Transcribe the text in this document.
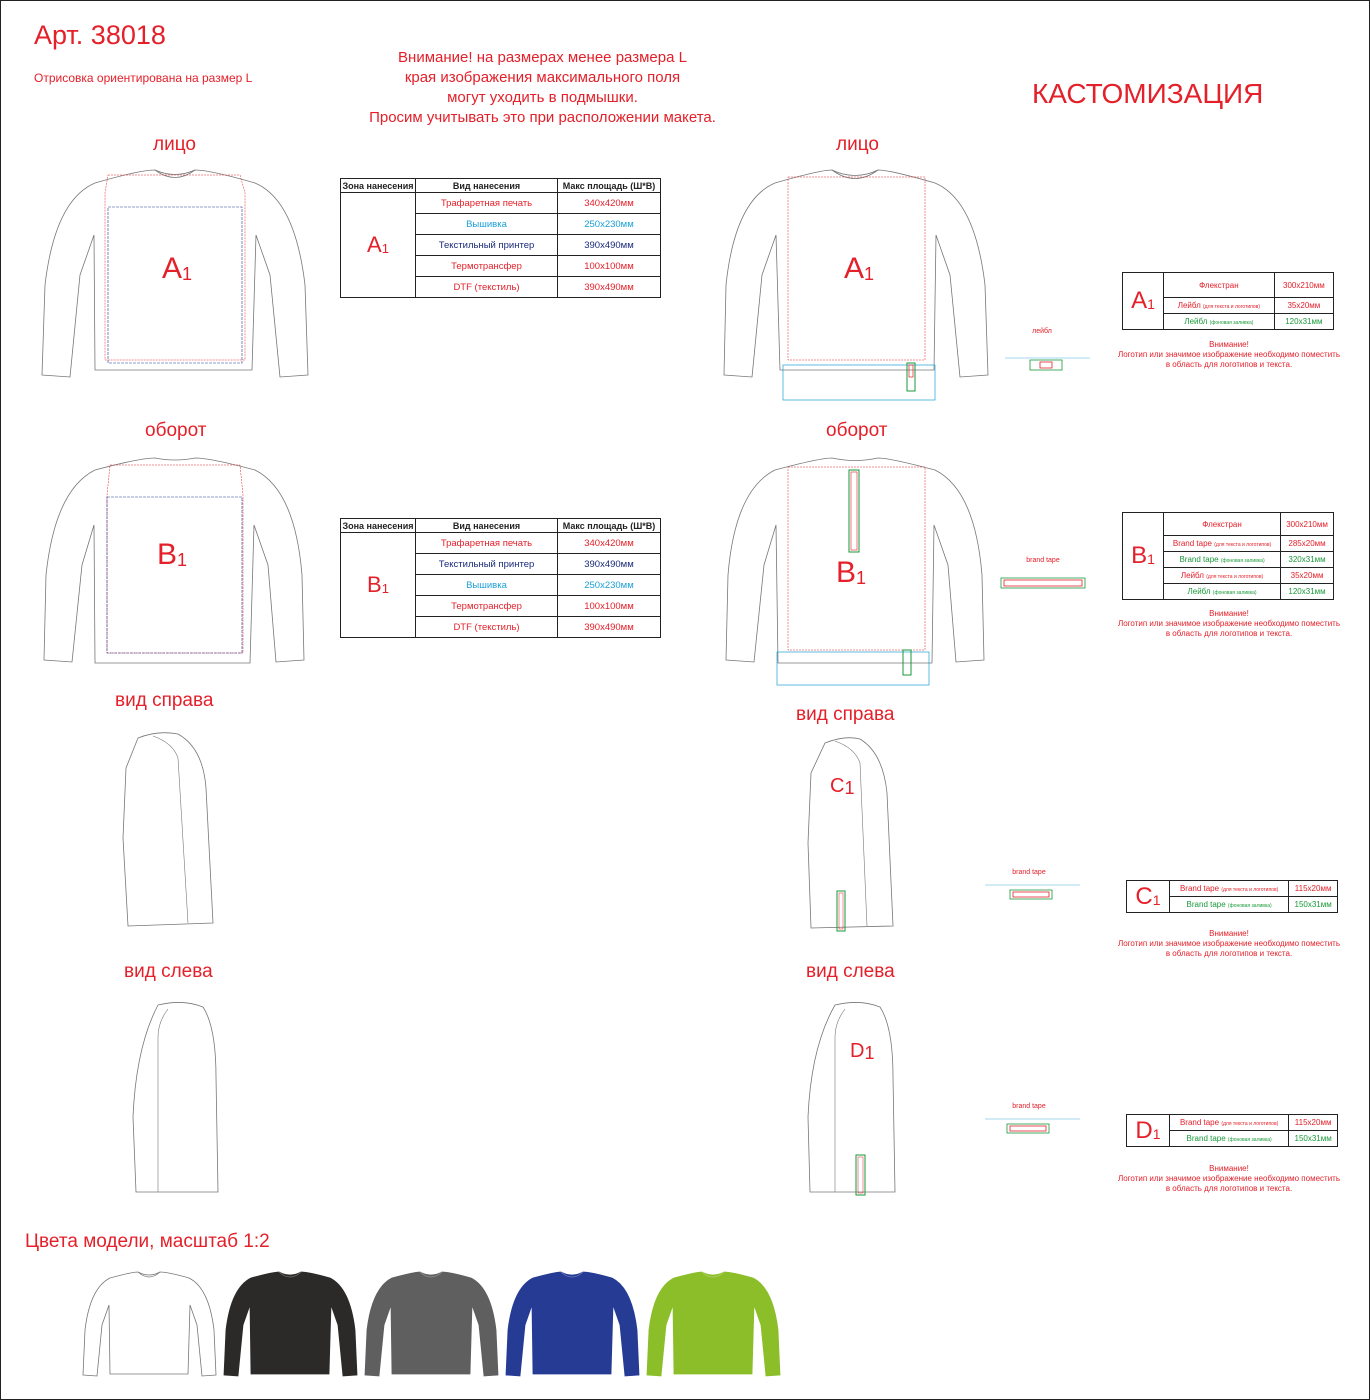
Арт. 38018
Отрисовка ориентирована на размер L
Внимание! на размерах менее размера L
края изображения максимального поля
могут уходить в подмышки.
Просим учитывать это при расположении макета.
КАСТОМИЗАЦИЯ
лицо	лицо
оборот	оборот
вид справа
вид справа
вид слева	вид слева
$A_1$
$B_1$
Зона нанесения	Вид нанесения	Макс площадь (Ш*В)
$A_1$	Трафаретная печать	340x420мм
	Вышивка	250x230мм
	Текстильный принтер	390x490мм
	Термотрансфер	100x100мм
	DTF (текстиль)	390x490мм
Зона нанесения	Вид нанесения	Макс площадь (Ш*В)
$B_1$	Трафаретная печать	340x420мм
	Текстильный принтер	390x490мм
	Вышивка	250x230мм
	Термотрансфер	100x100мм
	DTF (текстиль)	390x490мм
$A_1$
$B_1$
$C_1$
$D_1$
лейбл
brand tape
brand tape
brand tape
$A_1$	Флекстран	300x210мм
	Лейбл (для текста и логотипов)	35x20мм
	Лейбл (фоновая заливка)	120x31мм
Внимание!
Логотип или значимое изображение необходимо поместить
в область для логотипов и текста.
$B_1$	Флекстран	300x210мм
	Brand tape (для текста и логотипов)	285x20мм
	Brand tape (фоновая заливка)	320x31мм
	Лейбл (для текста и логотипов)	35x20мм
	Лейбл (фоновая заливка)	120x31мм
Внимание!
Логотип или значимое изображение необходимо поместить
в область для логотипов и текста.
$C_1$	Brand tape (для текста и логотипов)	115x20мм
	Brand tape (фоновая заливка)	150x31мм
Внимание!
Логотип или значимое изображение необходимо поместить
в область для логотипов и текста.
$D_1$	Brand tape (для текста и логотипов)	115x20мм
	Brand tape (фоновая заливка)	150x31мм
Внимание!
Логотип или значимое изображение необходимо поместить
в область для логотипов и текста.
Цвета модели, масштаб 1:2
